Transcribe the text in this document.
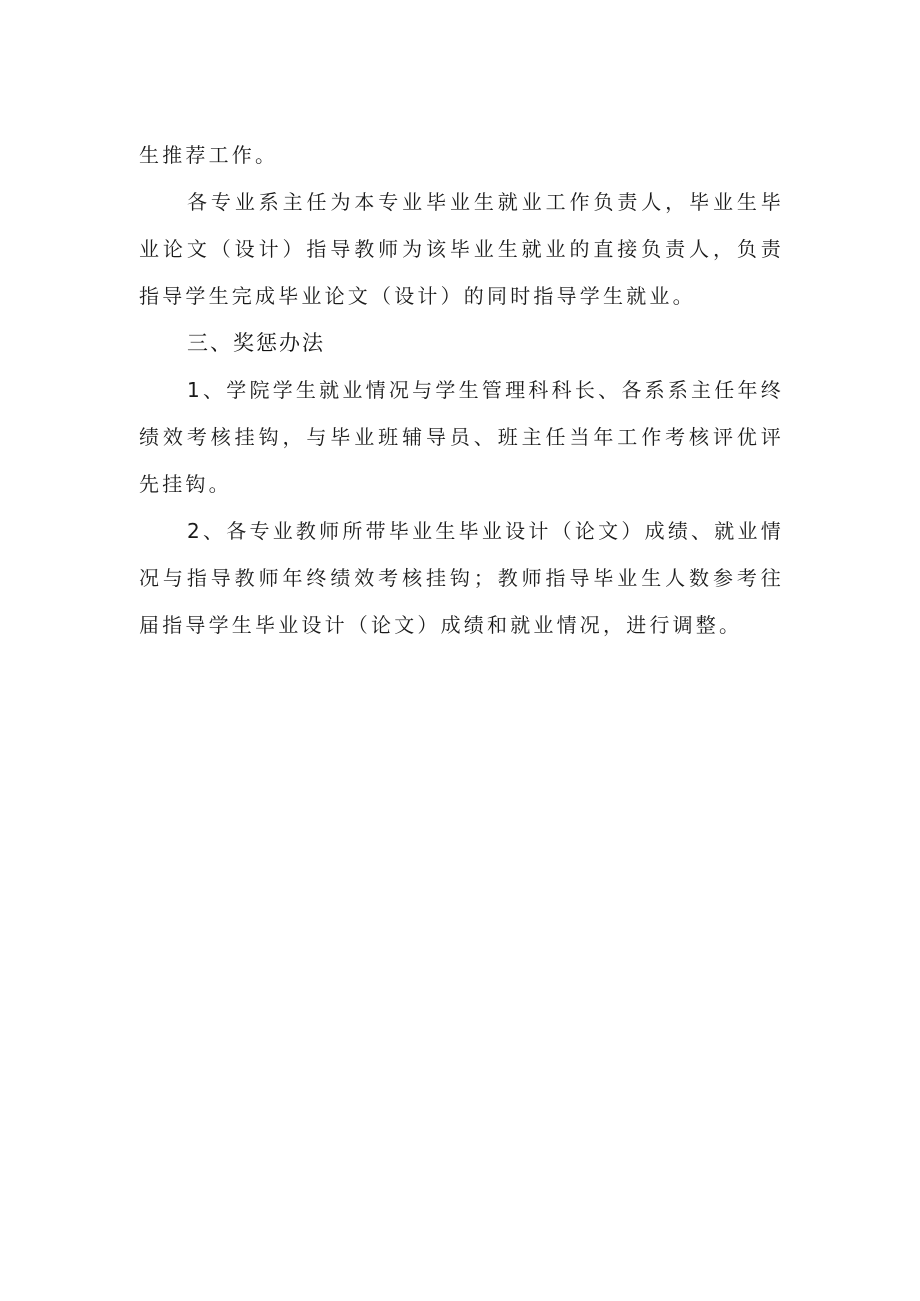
生推荐工作。

各专业系主任为本专业毕业生就业工作负责人，毕业生毕业论文（设计）指导教师为该毕业生就业的直接负责人，负责指导学生完成毕业论文（设计）的同时指导学生就业。

三、奖惩办法

1、学院学生就业情况与学生管理科科长、各系系主任年终绩效考核挂钩，与毕业班辅导员、班主任当年工作考核评优评先挂钩。

2、各专业教师所带毕业生毕业设计（论文）成绩、就业情况与指导教师年终绩效考核挂钩；教师指导毕业生人数参考往届指导学生毕业设计（论文）成绩和就业情况，进行调整。
